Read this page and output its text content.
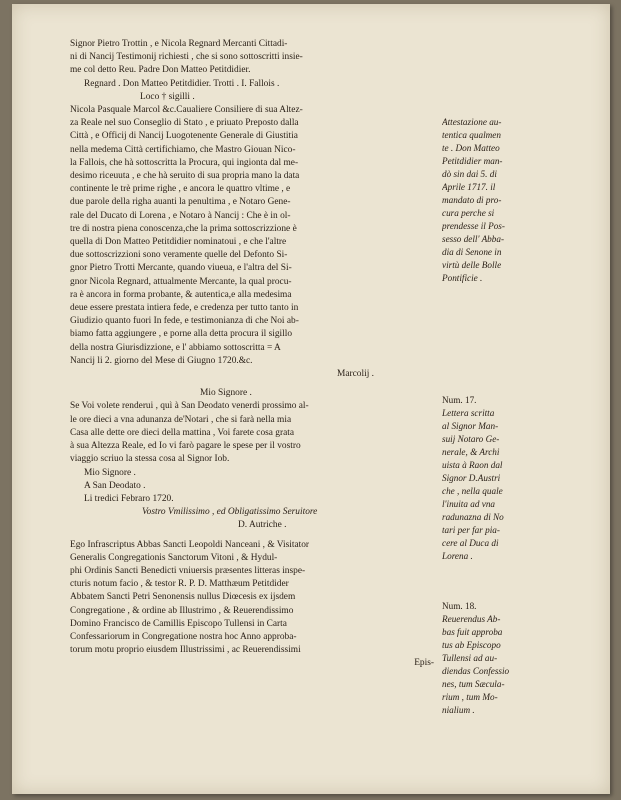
Signor Pietro Trottin , e Nicola Regnard Mercanti Cittadi-
ni di Nancij Testimonij richiesti , che si sono sottoscritti insie-
me col detto Reu. Padre Don Matteo Petitdidier.
Regnard . Don Matteo Petitdidier. Trotti . I. Fallois .
Loco † sigilli .
Nicola Pasquale Marcol &c.Caualiere Consiliere di sua Altez-
za Reale nel suo Conseglio di Stato , e priuato Preposto dalla
Città , e Officij di Nancij Luogotenente Generale di Giustitia
nella medema Città certifichiamo, che Mastro Giouan Nico-
la Fallois, che hà sottoscritta la Procura, qui ingionta dal me-
desimo riceuuta , e che hà seruito di sua propria mano la data
continente le trè prime righe , e ancora le quattro vltime , e
due parole della righa auanti la penultima , e Notaro Gene-
rale del Ducato di Lorena , e Notaro à Nancij : Che è in ol-
tre di nostra piena conoscenza,che la prima sottoscrizzione è
quella di Don Matteo Petitdidier nominatoui , e che l'altre
due sottoscrizzioni sono veramente quelle del Defonto Si-
gnor Pietro Trotti Mercante, quando viueua, e l'altra del Si-
gnor Nicola Regnard, attualmente Mercante, la qual procu-
ra è ancora in forma probante, & autentica,e alla medesima
deue essere prestata intiera fede, e credenza per tutto tanto in
Giudizio quanto fuori In fede, e testimonianza di che Noi ab-
biamo fatta aggiungere , e porne alla detta procura il sigillo
della nostra Giurisdizzione, e l' abbiamo sottoscritta = A
Nancij li 2. giorno del Mese di Giugno 1720.&c.
Marcolij .
Mio Signore .
Se Voi volete renderui , quì à San Deodato venerdi prossimo al-
le ore dieci a vna adunanza de'Notari , che si farà nella mia
Casa alle dette ore dieci della mattina , Voi farete cosa grata
à sua Altezza Reale, ed Io vi farò pagare le spese per il vostro
viaggio scriuo la stessa cosa al Signor Iob.
Mio Signore .
A San Deodato .
Li tredici Febraro 1720.
Vostro Vmilissimo , ed Obligatissimo Seruitore
D. Autriche .
Ego Infrascriptus Abbas Sancti Leopoldi Nanceani , & Visitator
Generalis Congregationis Sanctorum Vitoni , & Hydul-
phi Ordinis Sancti Benedicti vniuersis præsentes litteras inspe-
cturis notum facio , & testor R. P. D. Matthæum Petitdider
Abbatem Sancti Petri Senonensis nullus Diœcesis ex ijsdem
Congregatione , & ordine ab Illustrimo , & Reuerendissimo
Domino Francisco de Camillis Episcopo Tullensi in Carta
Confessariorum in Congregatione nostra hoc Anno approba-
torum motu proprio eiusdem Illustrissimi , ac Reuerendissimi
Epis-
Attestazione au-
tentica qualmen
te . Don Matteo
Petitdidier man-
dò sin dai 5. di
Aprile 1717. il
mandato di pro-
cura perche si
prendesse il Pos-
sesso dell' Abba-
dia di Senone in
virtù delle Bolle
Pontificie .
Num. 17.
Lettera scritta
al Signor Man-
suij Notaro Ge-
nerale, & Archi
uista à Raon dal
Signor D.Austri
che , nella quale
l'inuita ad vna
radunazna di No
tari per far pia-
cere al Duca di
Lorena .
Num. 18.
Reuerendus Ab-
bas fuit approba
tus ab Episcopo
Tullensi ad au-
diendas Confessio
nes, tum Sæcula-
rium , tum Mo-
nialium .
